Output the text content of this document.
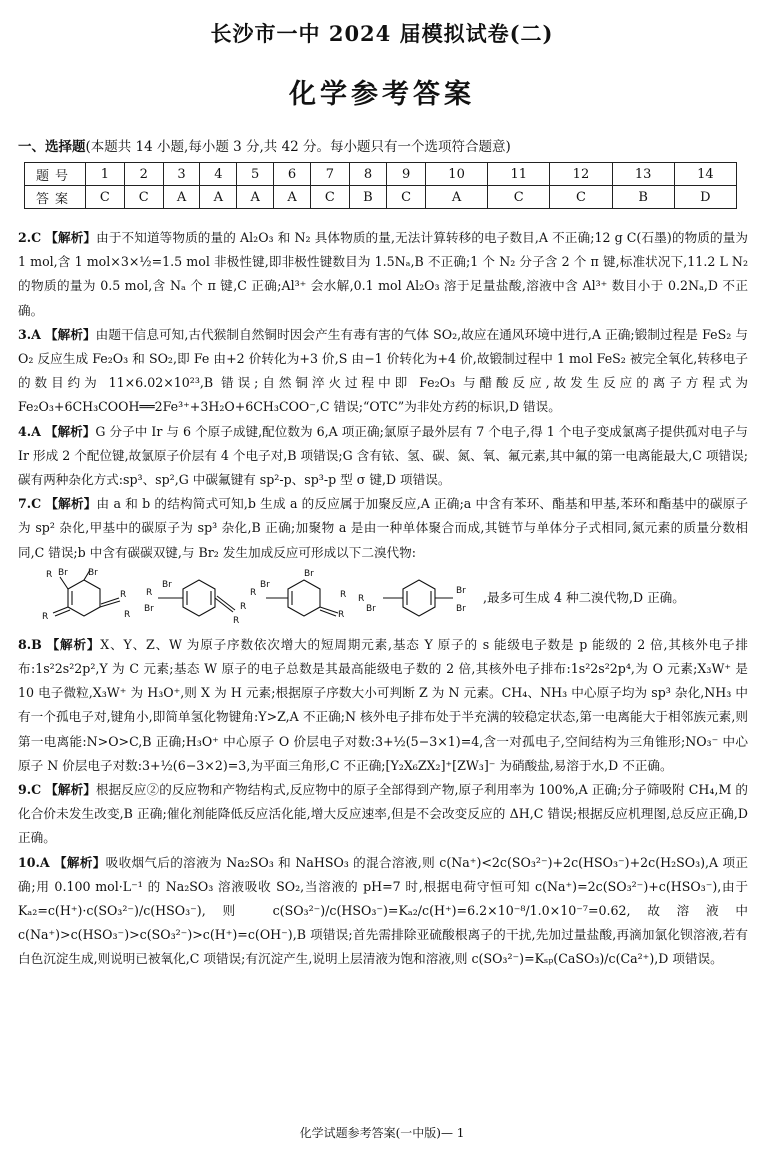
长沙市一中 2024 届模拟试卷(二)
化学参考答案
一、选择题(本题共 14 小题,每小题 3 分,共 42 分。每小题只有一个选项符合题意)
题号	1	2	3	4	5	6	7	8	9	10	11	12	13	14
答案	C	C	A	A	A	A	C	B	C	A	C	C	B	D

2.C 【解析】由于不知道等物质的量的 Al₂O₃ 和 N₂ 具体物质的量,无法计算转移的电子数目,A 不正确;12 g C(石墨)的物质的量为 1 mol,含 1 mol×3×½=1.5 mol 非极性键,即非极性键数目为 1.5Nₐ,B 不正确;1 个 N₂ 分子含 2 个 π 键,标准状况下,11.2 L N₂ 的物质的量为 0.5 mol,含 Nₐ 个 π 键,C 正确;Al³⁺ 会水解,0.1 mol Al₂O₃ 溶于足量盐酸,溶液中含 Al³⁺ 数目小于 0.2Nₐ,D 不正确。

3.A 【解析】由题干信息可知,古代猴制自然铜时因会产生有毒有害的气体 SO₂,故应在通风环境中进行,A 正确;锻制过程是 FeS₂ 与 O₂ 反应生成 Fe₂O₃ 和 SO₂,即 Fe 由+2 价转化为+3 价,S 由−1 价转化为+4 价,故锻制过程中 1 mol FeS₂ 被完全氧化,转移电子的数目约为 11×6.02×10²³,B 错误;自然铜淬火过程中即 Fe₂O₃ 与醋酸反应,故发生反应的离子方程式为 Fe₂O₃+6CH₃COOH══2Fe³⁺+3H₂O+6CH₃COO⁻,C 错误;“OTC”为非处方药的标识,D 错误。

4.A 【解析】G 分子中 Ir 与 6 个原子成键,配位数为 6,A 项正确;氯原子最外层有 7 个电子,得 1 个电子变成氯离子提供孤对电子与 Ir 形成 2 个配位键,故氯原子价层有 4 个电子对,B 项错误;G 含有铱、氢、碳、氮、氧、氟元素,其中氟的第一电离能最大,C 项错误;碳有两种杂化方式:sp³、sp²,G 中碳氟键有 sp²-p、sp³-p 型 σ 键,D 项错误。

7.C 【解析】由 a 和 b 的结构简式可知,b 生成 a 的反应属于加聚反应,A 正确;a 中含有苯环、酯基和甲基,苯环和酯基中的碳原子为 sp² 杂化,甲基中的碳原子为 sp³ 杂化,B 正确;加聚物 a 是由一种单体聚合而成,其链节与单体分子式相同,氮元素的质量分数相同,C 错误;b 中含有碳碳双键,与 Br₂ 发生加成反应可形成以下二溴代物:

R Br Br
R
R
R
R
Br
Br
R
R
R
Br
Br
R
R
R
Br
Br
Br
,最多可生成 4 种二溴代物,D 正确。

8.B 【解析】X、Y、Z、W 为原子序数依次增大的短周期元素,基态 Y 原子的 s 能级电子数是 p 能级的 2 倍,其核外电子排布:1s²2s²2p²,Y 为 C 元素;基态 W 原子的电子总数是其最高能级电子数的 2 倍,其核外电子排布:1s²2s²2p⁴,为 O 元素;X₃W⁺ 是 10 电子微粒,X₃W⁺ 为 H₃O⁺,则 X 为 H 元素;根据原子序数大小可判断 Z 为 N 元素。CH₄、NH₃ 中心原子均为 sp³ 杂化,NH₃ 中有一个孤电子对,键角小,即简单氢化物键角:Y>Z,A 不正确;N 核外电子排布处于半充满的较稳定状态,第一电离能大于相邻族元素,则第一电离能:N>O>C,B 正确;H₃O⁺ 中心原子 O 价层电子对数:3+½(5−3×1)=4,含一对孤电子,空间结构为三角锥形;NO₃⁻ 中心原子 N 价层电子对数:3+½(6−3×2)=3,为平面三角形,C 不正确;[Y₂X₆ZX₂]⁺[ZW₃]⁻ 为硝酸盐,易溶于水,D 不正确。

9.C 【解析】根据反应②的反应物和产物结构式,反应物中的原子全部得到产物,原子利用率为 100%,A 正确;分子筛吸附 CH₄,M 的化合价未发生改变,B 正确;催化剂能降低反应活化能,增大反应速率,但是不会改变反应的 ΔH,C 错误;根据反应机理图,总反应正确,D 正确。

10.A 【解析】吸收烟气后的溶液为 Na₂SO₃ 和 NaHSO₃ 的混合溶液,则 c(Na⁺)<2c(SO₃²⁻)+2c(HSO₃⁻)+2c(H₂SO₃),A 项正确;用 0.100 mol·L⁻¹ 的 Na₂SO₃ 溶液吸收 SO₂,当溶液的 pH=7 时,根据电荷守恒可知 c(Na⁺)=2c(SO₃²⁻)+c(HSO₃⁻),由于 Kₐ₂=c(H⁺)·c(SO₃²⁻)/c(HSO₃⁻),则 c(SO₃²⁻)/c(HSO₃⁻)=Kₐ₂/c(H⁺)=6.2×10⁻⁸/1.0×10⁻⁷=0.62,故溶液中 c(Na⁺)>c(HSO₃⁻)>c(SO₃²⁻)>c(H⁺)=c(OH⁻),B 项错误;首先需排除亚硫酸根离子的干扰,先加过量盐酸,再滴加氯化钡溶液,若有白色沉淀生成,则说明已被氧化,C 项错误;有沉淀产生,说明上层清液为饱和溶液,则 c(SO₃²⁻)=Kₛₚ(CaSO₃)/c(Ca²⁺),D 项错误。

化学试题参考答案(一中版)— 1
